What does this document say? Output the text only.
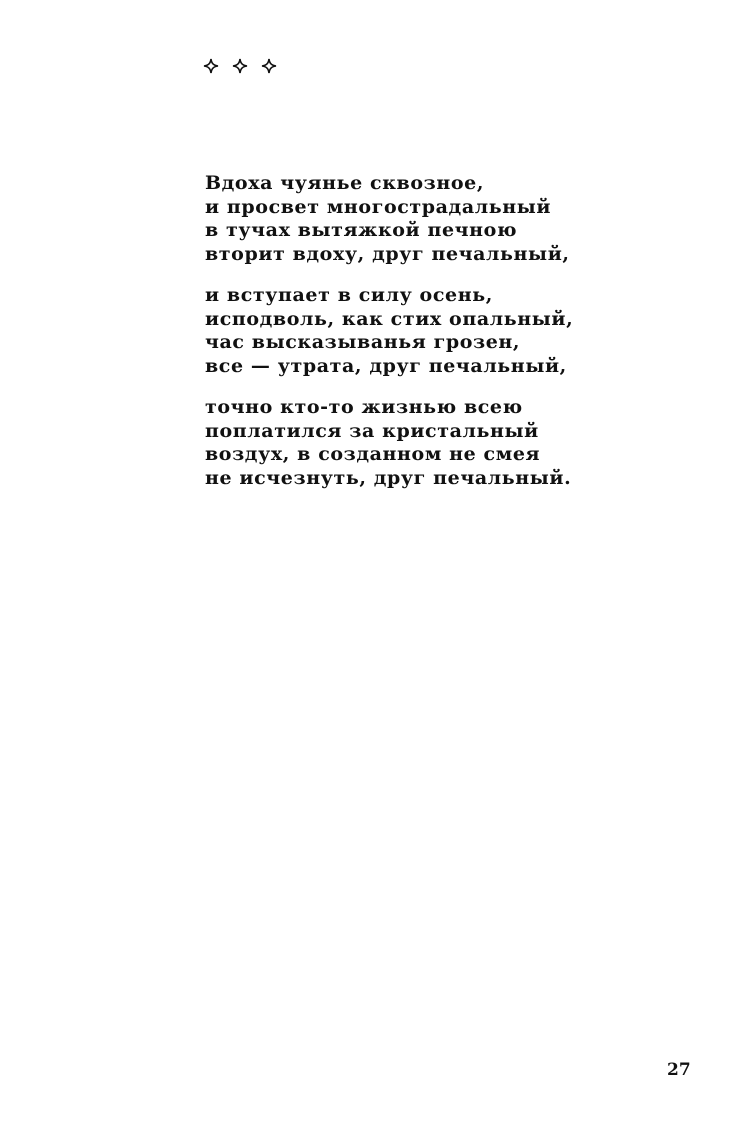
Вдоха чуянье сквозное,
и просвет многострадальный
в тучах вытяжкой печною
вторит вдоху, друг печальный,
и вступает в силу осень,
исподволь, как стих опальный,
час высказыванья грозен,
все — утрата, друг печальный,
точно кто-то жизнью всею
поплатился за кристальный
воздух, в созданном не смея
не исчезнуть, друг печальный.
27
